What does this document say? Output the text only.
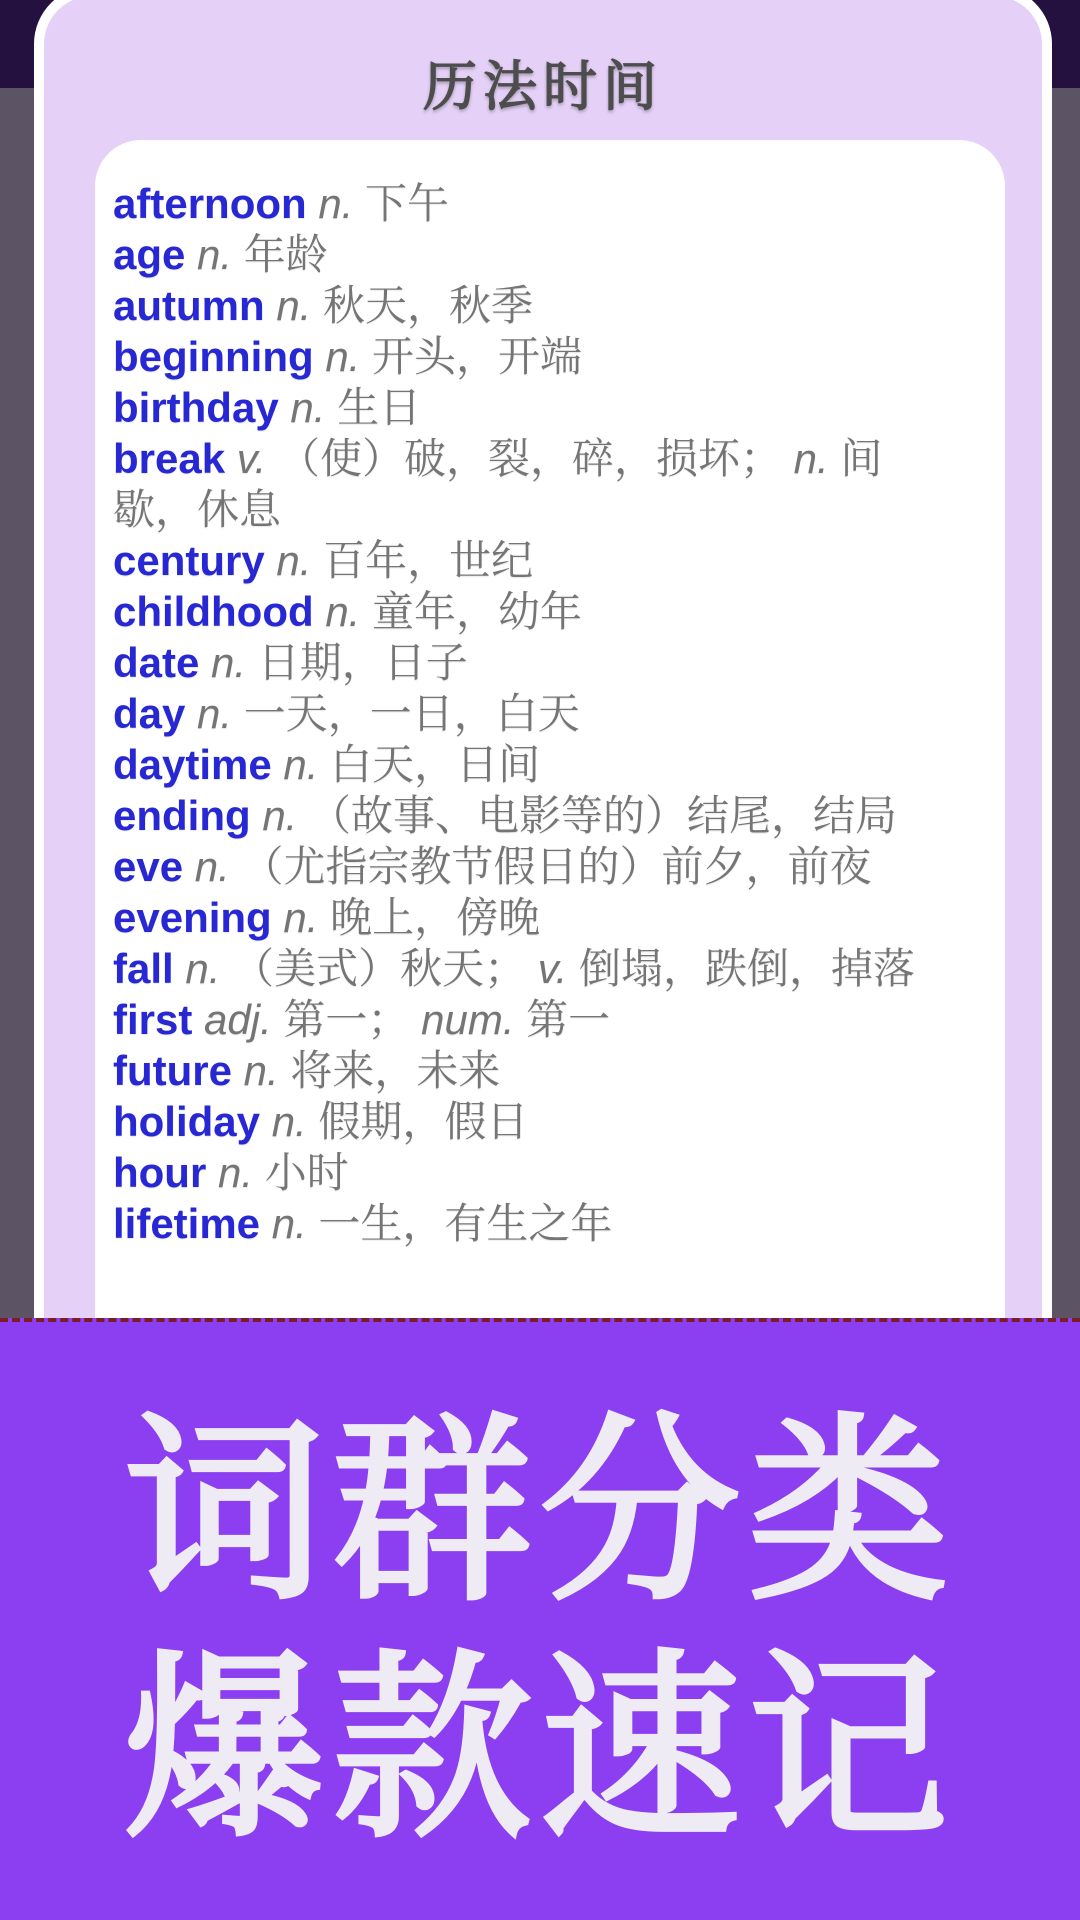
历法时间
afternoon n. 下午
age n. 年龄
autumn n. 秋天，秋季
beginning n. 开头，开端
birthday n. 生日
break v. （使）破，裂，碎，损坏； n. 间歇，休息
century n. 百年，世纪
childhood n. 童年，幼年
date n. 日期，日子
day n. 一天，一日，白天
daytime n. 白天，日间
ending n. （故事、电影等的）结尾，结局
eve n. （尤指宗教节假日的）前夕，前夜
evening n. 晚上，傍晚
fall n. （美式）秋天； v. 倒塌，跌倒，掉落
first adj. 第一； num. 第一
future n. 将来，未来
holiday n. 假期，假日
hour n. 小时
lifetime n. 一生，有生之年
词群分类
爆款速记
